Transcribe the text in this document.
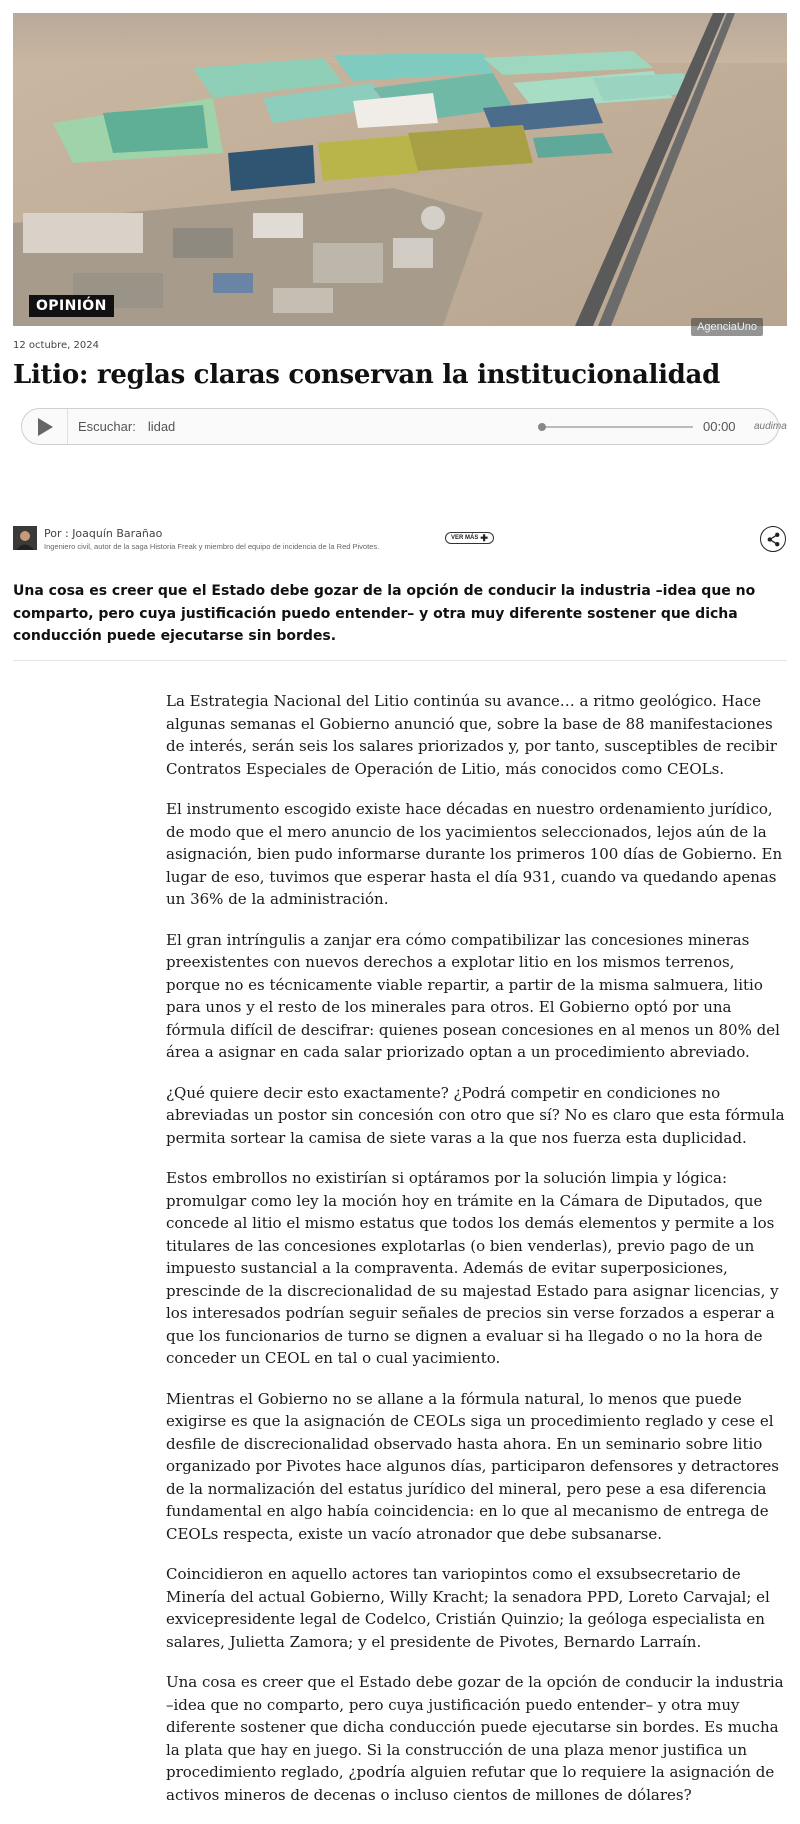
OPINIÓN
AgenciaUno
12 octubre, 2024
Litio: reglas claras conservan la institucionalidad
Escuchar: lidad	00:00 audima
Por : Joaquín Barañao
Ingeniero civil, autor de la saga Historia Freak y miembro del equipo de incidencia de la Red Pivotes.
VER MÁS ✚

Una cosa es creer que el Estado debe gozar de la opción de conducir la industria –idea que no comparto, pero cuya justificación puedo entender– y otra muy diferente sostener que dicha conducción puede ejecutarse sin bordes.

La Estrategia Nacional del Litio continúa su avance… a ritmo geológico. Hace algunas semanas el Gobierno anunció que, sobre la base de 88 manifestaciones de interés, serán seis los salares priorizados y, por tanto, susceptibles de recibir Contratos Especiales de Operación de Litio, más conocidos como CEOLs.

El instrumento escogido existe hace décadas en nuestro ordenamiento jurídico, de modo que el mero anuncio de los yacimientos seleccionados, lejos aún de la asignación, bien pudo informarse durante los primeros 100 días de Gobierno. En lugar de eso, tuvimos que esperar hasta el día 931, cuando va quedando apenas un 36% de la administración.

El gran intríngulis a zanjar era cómo compatibilizar las concesiones mineras preexistentes con nuevos derechos a explotar litio en los mismos terrenos, porque no es técnicamente viable repartir, a partir de la misma salmuera, litio para unos y el resto de los minerales para otros. El Gobierno optó por una fórmula difícil de descifrar: quienes posean concesiones en al menos un 80% del área a asignar en cada salar priorizado optan a un procedimiento abreviado.

¿Qué quiere decir esto exactamente? ¿Podrá competir en condiciones no abreviadas un postor sin concesión con otro que sí? No es claro que esta fórmula permita sortear la camisa de siete varas a la que nos fuerza esta duplicidad.

Estos embrollos no existirían si optáramos por la solución limpia y lógica: promulgar como ley la moción hoy en trámite en la Cámara de Diputados, que concede al litio el mismo estatus que todos los demás elementos y permite a los titulares de las concesiones explotarlas (o bien venderlas), previo pago de un impuesto sustancial a la compraventa. Además de evitar superposiciones, prescinde de la discrecionalidad de su majestad Estado para asignar licencias, y los interesados podrían seguir señales de precios sin verse forzados a esperar a que los funcionarios de turno se dignen a evaluar si ha llegado o no la hora de conceder un CEOL en tal o cual yacimiento.

Mientras el Gobierno no se allane a la fórmula natural, lo menos que puede exigirse es que la asignación de CEOLs siga un procedimiento reglado y cese el desfile de discrecionalidad observado hasta ahora. En un seminario sobre litio organizado por Pivotes hace algunos días, participaron defensores y detractores de la normalización del estatus jurídico del mineral, pero pese a esa diferencia fundamental en algo había coincidencia: en lo que al mecanismo de entrega de CEOLs respecta, existe un vacío atronador que debe subsanarse.

Coincidieron en aquello actores tan variopintos como el exsubsecretario de Minería del actual Gobierno, Willy Kracht; la senadora PPD, Loreto Carvajal; el exvicepresidente legal de Codelco, Cristián Quinzio; la geóloga especialista en salares, Julietta Zamora; y el presidente de Pivotes, Bernardo Larraín.

Una cosa es creer que el Estado debe gozar de la opción de conducir la industria –idea que no comparto, pero cuya justificación puedo entender– y otra muy diferente sostener que dicha conducción puede ejecutarse sin bordes. Es mucha la plata que hay en juego. Si la construcción de una plaza menor justifica un procedimiento reglado, ¿podría alguien refutar que lo requiere la asignación de activos mineros de decenas o incluso cientos de millones de dólares?
